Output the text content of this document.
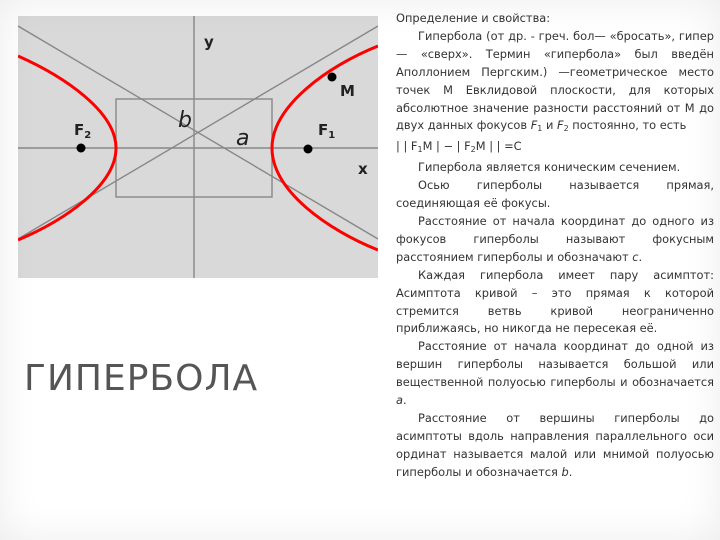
y
x
M
b
a
$F_2$	$F_1$
ГИПЕРБОЛА

Определение и свойства:

Гипербола (от др. - греч. бол— «бросать», гипер— «сверх». Термин «гипербола» был введён Аполлонием Пергским.) —геометрическое место точек M Евклидовой плоскости, для которых абсолютное значение разности расстояний от M до двух данных фокусов $F_1$ и $F_2$ постоянно, то есть

| | $F_1M$ | − | $F_2M$ | | =C

Гипербола является коническим сечением.

Осью гиперболы называется прямая, соединяющая её фокусы.

Расстояние от начала координат до одного из фокусов гиперболы называют фокусным расстоянием гиперболы и обозначают c.

Каждая гипербола имеет пару асимптот: Асимптота кривой – это прямая к которой стремится ветвь кривой неограниченно приближаясь, но никогда не пересекая её.

Расстояние от начала координат до одной из вершин гиперболы называется большой или вещественной полуосью гиперболы и обозначается a.

Расстояние от вершины гиперболы до асимптоты вдоль направления параллельного оси ординат называется малой или мнимой полуосью гиперболы и обозначается b.
